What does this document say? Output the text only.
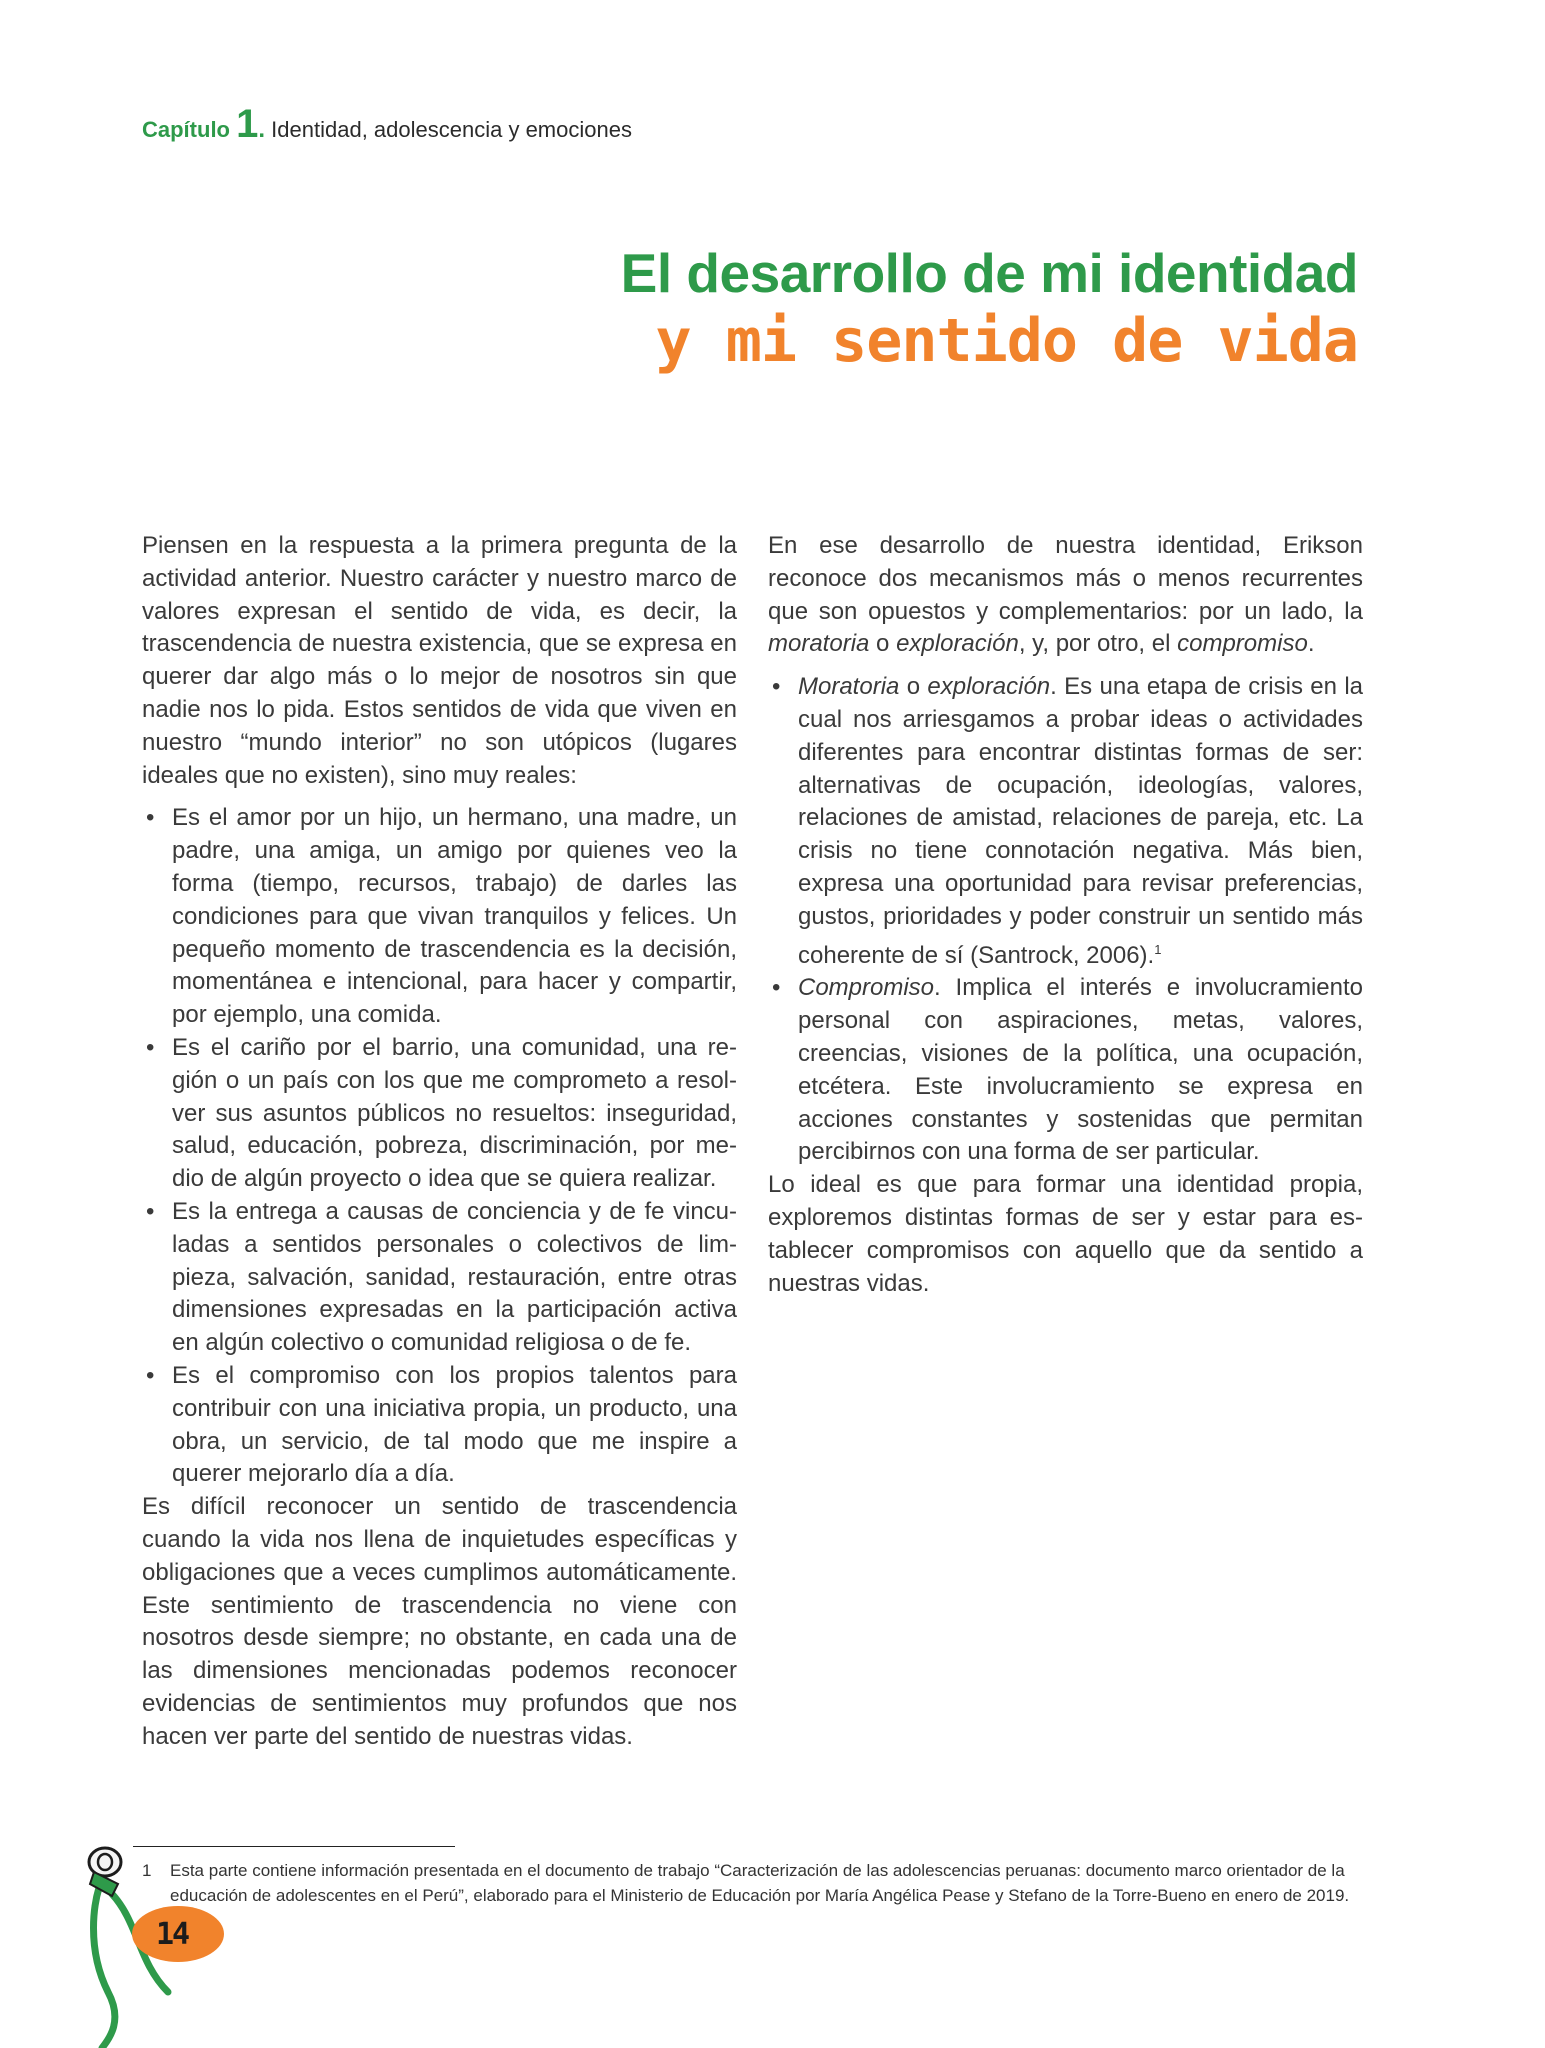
Capítulo 1. Identidad, adolescencia y emociones
El desarrollo de mi identidad
y mi sentido de vida

Piensen en la respuesta a la primera pregunta de la actividad anterior. Nuestro carácter y nuestro marco de valores expresan el sentido de vida, es decir, la trascendencia de nuestra existencia, que se expresa en querer dar algo más o lo mejor de nosotros sin que nadie nos lo pida. Estos sentidos de vida que viven en nuestro “mundo interior” no son utópicos (lugares ideales que no existen), sino muy reales:

• Es el amor por un hijo, un hermano, una madre, un padre, una amiga, un amigo por quienes veo la forma (tiempo, recursos, trabajo) de darles las condiciones para que vivan tranquilos y felices. Un pequeño momento de trascendencia es la decisión, momentánea e intencional, para hacer y compartir, por ejemplo, una comida.
• Es el cariño por el barrio, una comunidad, una re-gión o un país con los que me comprometo a resol-ver sus asuntos públicos no resueltos: inseguridad, salud, educación, pobreza, discriminación, por me-dio de algún proyecto o idea que se quiera realizar.
• Es la entrega a causas de conciencia y de fe vincu-ladas a sentidos personales o colectivos de lim-pieza, salvación, sanidad, restauración, entre otras dimensiones expresadas en la participación activa en algún colectivo o comunidad religiosa o de fe.
• Es el compromiso con los propios talentos para contribuir con una iniciativa propia, un producto, una obra, un servicio, de tal modo que me inspire a querer mejorarlo día a día.

Es difícil reconocer un sentido de trascendencia cuando la vida nos llena de inquietudes específicas y obligaciones que a veces cumplimos automáticamente. Este sentimiento de trascendencia no viene con nosotros desde siempre; no obstante, en cada una de las dimensiones mencionadas podemos reconocer evidencias de sentimientos muy profundos que nos hacen ver parte del sentido de nuestras vidas.

En ese desarrollo de nuestra identidad, Erikson reconoce dos mecanismos más o menos recurrentes que son opuestos y complementarios: por un lado, la moratoria o exploración, y, por otro, el compromiso.

• Moratoria o exploración. Es una etapa de crisis en la cual nos arriesgamos a probar ideas o actividades diferentes para encontrar distintas formas de ser: alternativas de ocupación, ideologías, valores, relaciones de amistad, relaciones de pareja, etc. La crisis no tiene connotación negativa. Más bien, expresa una oportunidad para revisar preferencias, gustos, prioridades y poder construir un sentido más coherente de sí (Santrock, 2006).$^1$
• Compromiso. Implica el interés e involucramiento personal con aspiraciones, metas, valores, creencias, visiones de la política, una ocupación, etcétera. Este involucramiento se expresa en acciones constantes y sostenidas que permitan percibirnos con una forma de ser particular.

Lo ideal es que para formar una identidad propia, exploremos distintas formas de ser y estar para es-tablecer compromisos con aquello que da sentido a nuestras vidas.

1	Esta parte contiene información presentada en el documento de trabajo “Caracterización de las adolescencias peruanas: documento marco orientador de la
educación de adolescentes en el Perú”, elaborado para el Ministerio de Educación por María Angélica Pease y Stefano de la Torre-Bueno en enero de 2019.
14
